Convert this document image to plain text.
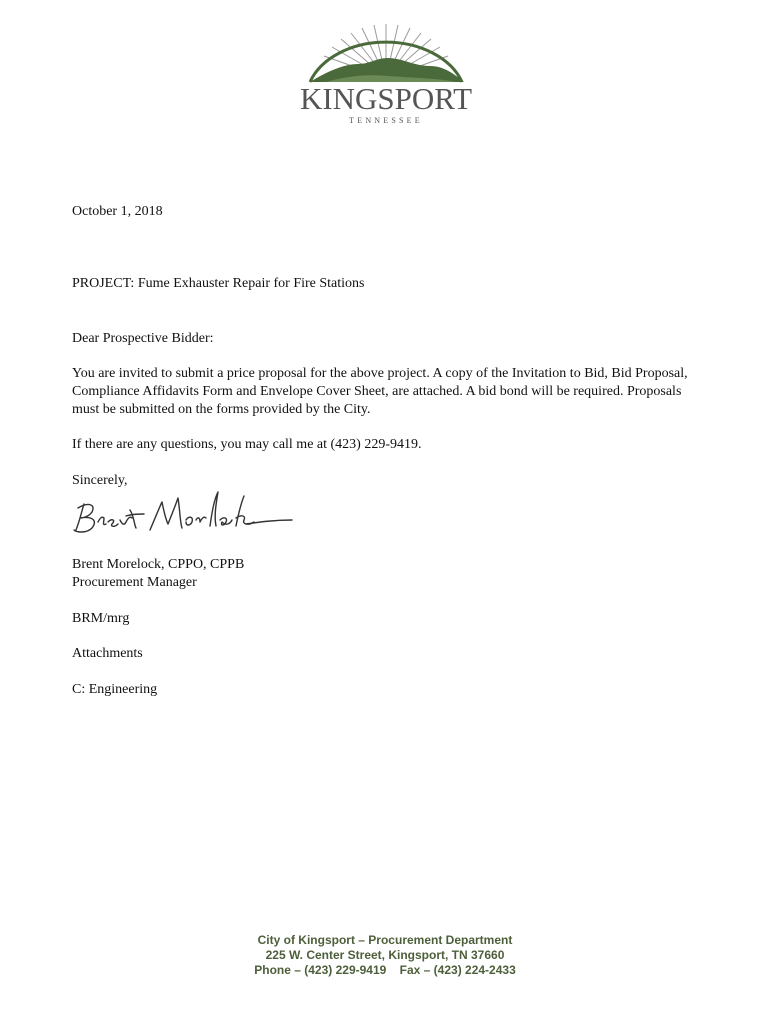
KINGSPORT
TENNESSEE
October 1, 2018
PROJECT: Fume Exhauster Repair for Fire Stations
Dear Prospective Bidder:
You are invited to submit a price proposal for the above project. A copy of the Invitation to Bid, Bid Proposal, Compliance Affidavits Form and Envelope Cover Sheet, are attached. A bid bond will be required. Proposals must be submitted on the forms provided by the City.
If there are any questions, you may call me at (423) 229-9419.
Sincerely,
Brent Morelock, CPPO, CPPB
Procurement Manager
BRM/mrg
Attachments
C: Engineering
City of Kingsport – Procurement Department
225 W. Center Street, Kingsport, TN 37660
Phone – (423) 229-9419    Fax – (423) 224-2433
